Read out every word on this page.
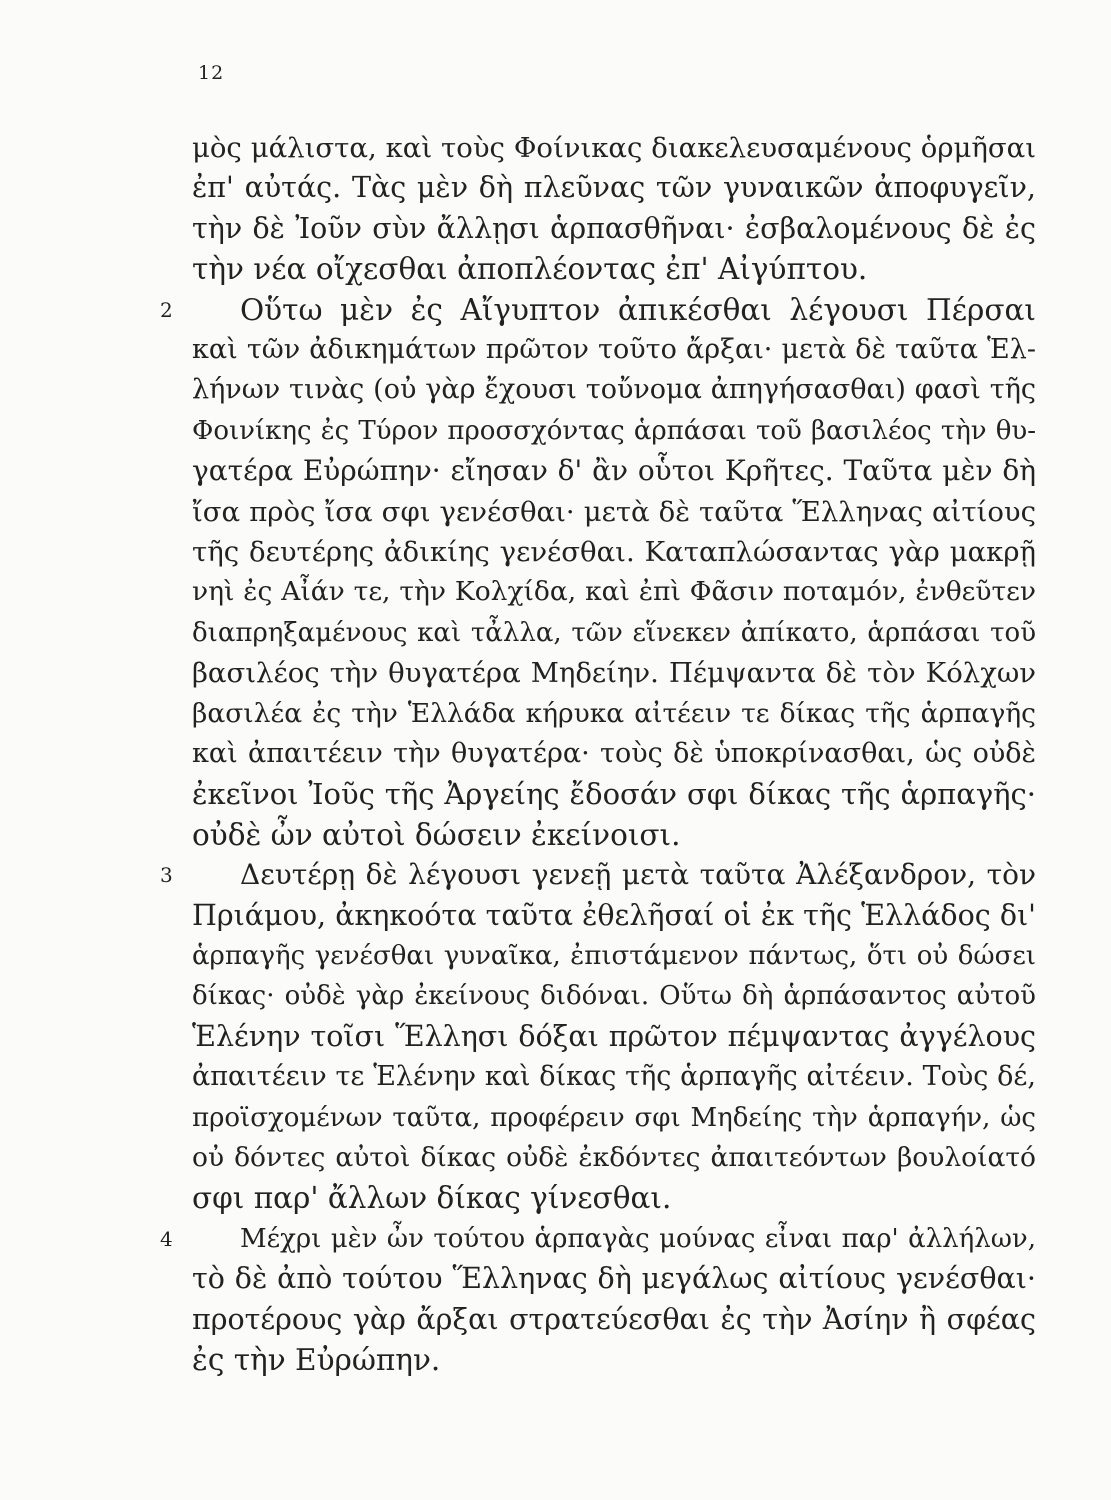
12
μὸς μάλιστα, καὶ τοὺς Φοίνικας διακελευσαμένους ὁρμῆσαι
ἐπ' αὐτάς. Τὰς μὲν δὴ πλεῦνας τῶν γυναικῶν ἀποφυγεῖν,
τὴν δὲ Ἰοῦν σὺν ἄλλῃσι ἁρπασθῆναι· ἐσβαλομένους δὲ ἐς
τὴν νέα οἴχεσθαι ἀποπλέοντας ἐπ' Αἰγύπτου.
2 Οὕτω μὲν ἐς Αἴγυπτον ἀπικέσθαι λέγουσι Πέρσαι
καὶ τῶν ἀδικημάτων πρῶτον τοῦτο ἄρξαι· μετὰ δὲ ταῦτα Ἑλ-
λήνων τινὰς (οὐ γὰρ ἔχουσι τοὔνομα ἀπηγήσασθαι) φασὶ τῆς
Φοινίκης ἐς Τύρον προσσχόντας ἁρπάσαι τοῦ βασιλέος τὴν θυ-
γατέρα Εὐρώπην· εἴησαν δ' ἂν οὗτοι Κρῆτες. Ταῦτα μὲν δὴ
ἴσα πρὸς ἴσα σφι γενέσθαι· μετὰ δὲ ταῦτα Ἕλληνας αἰτίους
τῆς δευτέρης ἀδικίης γενέσθαι. Καταπλώσαντας γὰρ μακρῇ
νηὶ ἐς Αἶάν τε, τὴν Κολχίδα, καὶ ἐπὶ Φᾶσιν ποταμόν, ἐνθεῦτεν
διαπρηξαμένους καὶ τἆλλα, τῶν εἵνεκεν ἀπίκατο, ἁρπάσαι τοῦ
βασιλέος τὴν θυγατέρα Μηδείην. Πέμψαντα δὲ τὸν Κόλχων
βασιλέα ἐς τὴν Ἑλλάδα κήρυκα αἰτέειν τε δίκας τῆς ἁρπαγῆς
καὶ ἀπαιτέειν τὴν θυγατέρα· τοὺς δὲ ὑποκρίνασθαι, ὡς οὐδὲ
ἐκεῖνοι Ἰοῦς τῆς Ἀργείης ἔδοσάν σφι δίκας τῆς ἁρπαγῆς·
οὐδὲ ὦν αὐτοὶ δώσειν ἐκείνοισι.
3 Δευτέρῃ δὲ λέγουσι γενεῇ μετὰ ταῦτα Ἀλέξανδρον, τὸν
Πριάμου, ἀκηκοότα ταῦτα ἐθελῆσαί οἱ ἐκ τῆς Ἑλλάδος δι'
ἁρπαγῆς γενέσθαι γυναῖκα, ἐπιστάμενον πάντως, ὅτι οὐ δώσει
δίκας· οὐδὲ γὰρ ἐκείνους διδόναι. Οὕτω δὴ ἁρπάσαντος αὐτοῦ
Ἑλένην τοῖσι Ἕλλησι δόξαι πρῶτον πέμψαντας ἀγγέλους
ἀπαιτέειν τε Ἑλένην καὶ δίκας τῆς ἁρπαγῆς αἰτέειν. Τοὺς δέ,
προϊσχομένων ταῦτα, προφέρειν σφι Μηδείης τὴν ἁρπαγήν, ὡς
οὐ δόντες αὐτοὶ δίκας οὐδὲ ἐκδόντες ἀπαιτεόντων βουλοίατό
σφι παρ' ἄλλων δίκας γίνεσθαι.
4	Μέχρι μὲν ὦν τούτου ἁρπαγὰς μούνας εἶναι παρ' ἀλλήλων,
τὸ δὲ ἀπὸ τούτου Ἕλληνας δὴ μεγάλως αἰτίους γενέσθαι·
προτέρους γὰρ ἄρξαι στρατεύεσθαι ἐς τὴν Ἀσίην ἢ σφέας
ἐς τὴν Εὐρώπην.
